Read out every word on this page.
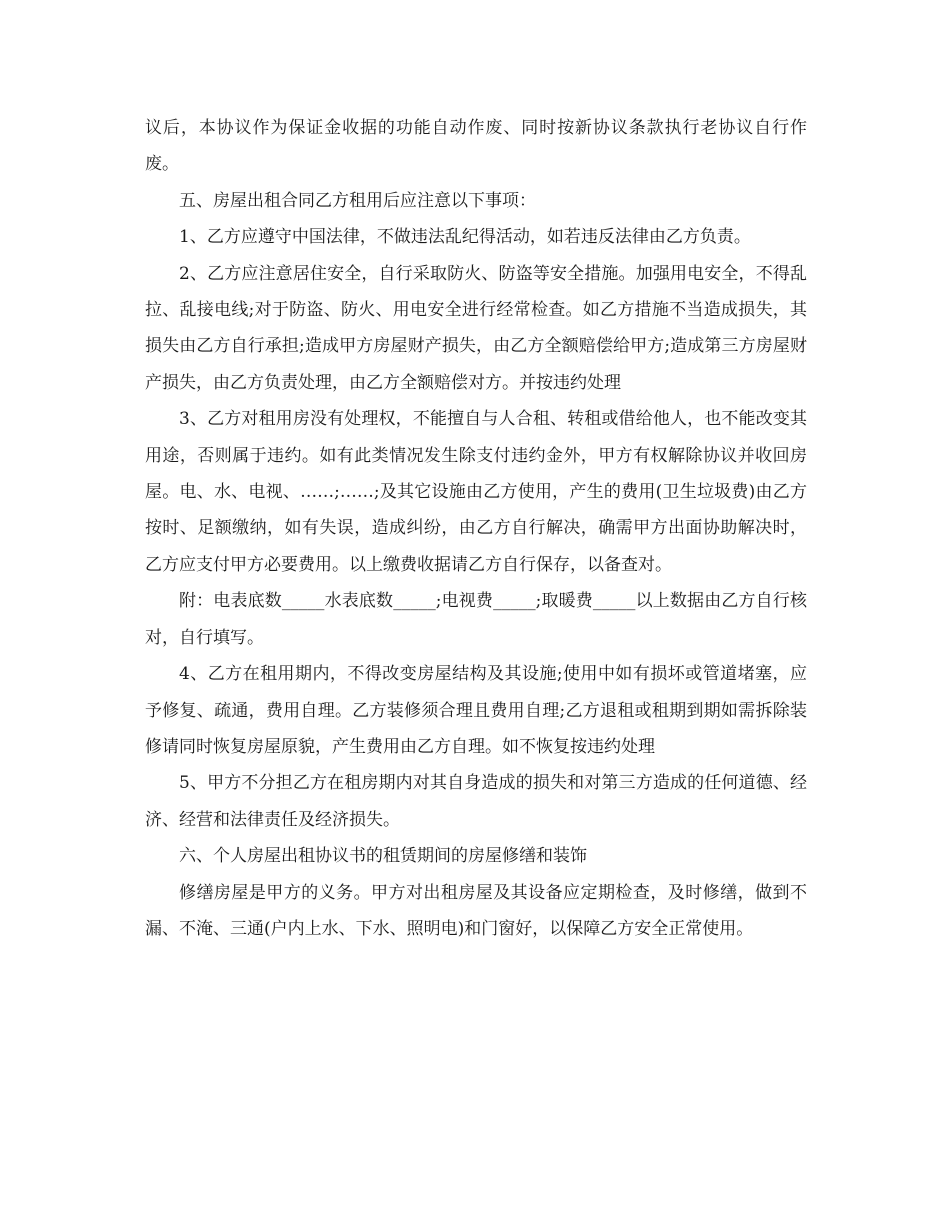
议后，本协议作为保证金收据的功能自动作废、同时按新协议条款执行老协议自行作废。

五、房屋出租合同乙方租用后应注意以下事项：

1、乙方应遵守中国法律，不做违法乱纪得活动，如若违反法律由乙方负责。

2、乙方应注意居住安全，自行采取防火、防盗等安全措施。加强用电安全，不得乱拉、乱接电线;对于防盗、防火、用电安全进行经常检查。如乙方措施不当造成损失，其损失由乙方自行承担;造成甲方房屋财产损失，由乙方全额赔偿给甲方;造成第三方房屋财产损失，由乙方负责处理，由乙方全额赔偿对方。并按违约处理

3、乙方对租用房没有处理权，不能擅自与人合租、转租或借给他人，也不能改变其用途，否则属于违约。如有此类情况发生除支付违约金外，甲方有权解除协议并收回房屋。电、水、电视、……;……;及其它设施由乙方使用，产生的费用(卫生垃圾费)由乙方按时、足额缴纳，如有失误，造成纠纷，由乙方自行解决，确需甲方出面协助解决时，乙方应支付甲方必要费用。以上缴费收据请乙方自行保存，以备查对。

附：电表底数_____水表底数_____;电视费_____;取暖费_____以上数据由乙方自行核对，自行填写。

4、乙方在租用期内，不得改变房屋结构及其设施;使用中如有损坏或管道堵塞，应予修复、疏通，费用自理。乙方装修须合理且费用自理;乙方退租或租期到期如需拆除装修请同时恢复房屋原貌，产生费用由乙方自理。如不恢复按违约处理

5、甲方不分担乙方在租房期内对其自身造成的损失和对第三方造成的任何道德、经济、经营和法律责任及经济损失。

六、个人房屋出租协议书的租赁期间的房屋修缮和装饰

修缮房屋是甲方的义务。甲方对出租房屋及其设备应定期检查，及时修缮，做到不漏、不淹、三通(户内上水、下水、照明电)和门窗好，以保障乙方安全正常使用。
